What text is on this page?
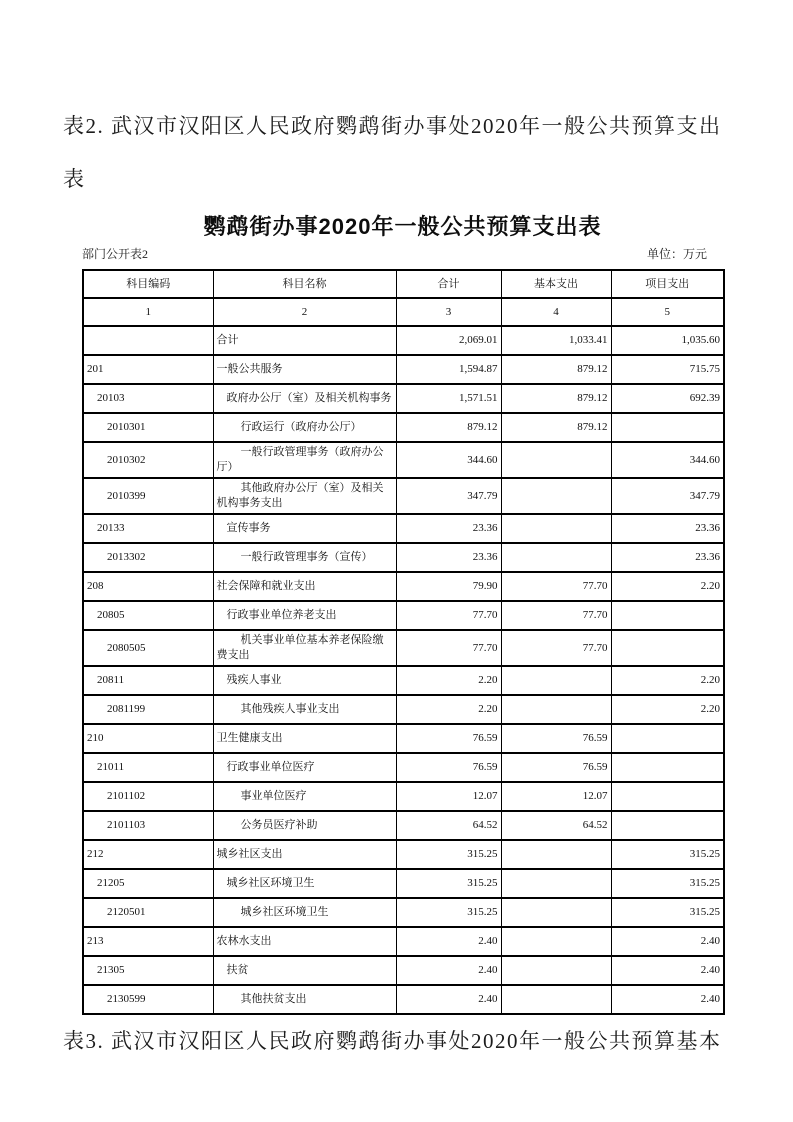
表2. 武汉市汉阳区人民政府鹦鹉街办事处2020年一般公共预算支出
表
鹦鹉街办事2020年一般公共预算支出表
部门公开表2	单位：万元
科目编码	科目名称	合计	基本支出	项目支出
1	2	3	4	5
	合计	2,069.01	1,033.41	1,035.60
201	一般公共服务	1,594.87	879.12	715.75
20103	政府办公厅（室）及相关机构事务	1,571.51	879.12	692.39
2010301	行政运行（政府办公厅）	879.12	879.12	
2010302	一般行政管理事务（政府办公厅）	344.60		344.60
2010399	其他政府办公厅（室）及相关机构事务支出	347.79		347.79
20133	宣传事务	23.36		23.36
2013302	一般行政管理事务（宣传）	23.36		23.36
208	社会保障和就业支出	79.90	77.70	2.20
20805	行政事业单位养老支出	77.70	77.70	
2080505	机关事业单位基本养老保险缴费支出	77.70	77.70	
20811	残疾人事业	2.20		2.20
2081199	其他残疾人事业支出	2.20		2.20
210	卫生健康支出	76.59	76.59	
21011	行政事业单位医疗	76.59	76.59	
2101102	事业单位医疗	12.07	12.07	
2101103	公务员医疗补助	64.52	64.52	
212	城乡社区支出	315.25		315.25
21205	城乡社区环境卫生	315.25		315.25
2120501	城乡社区环境卫生	315.25		315.25
213	农林水支出	2.40		2.40
21305	扶贫	2.40		2.40
2130599	其他扶贫支出	2.40		2.40
表3. 武汉市汉阳区人民政府鹦鹉街办事处2020年一般公共预算基本
